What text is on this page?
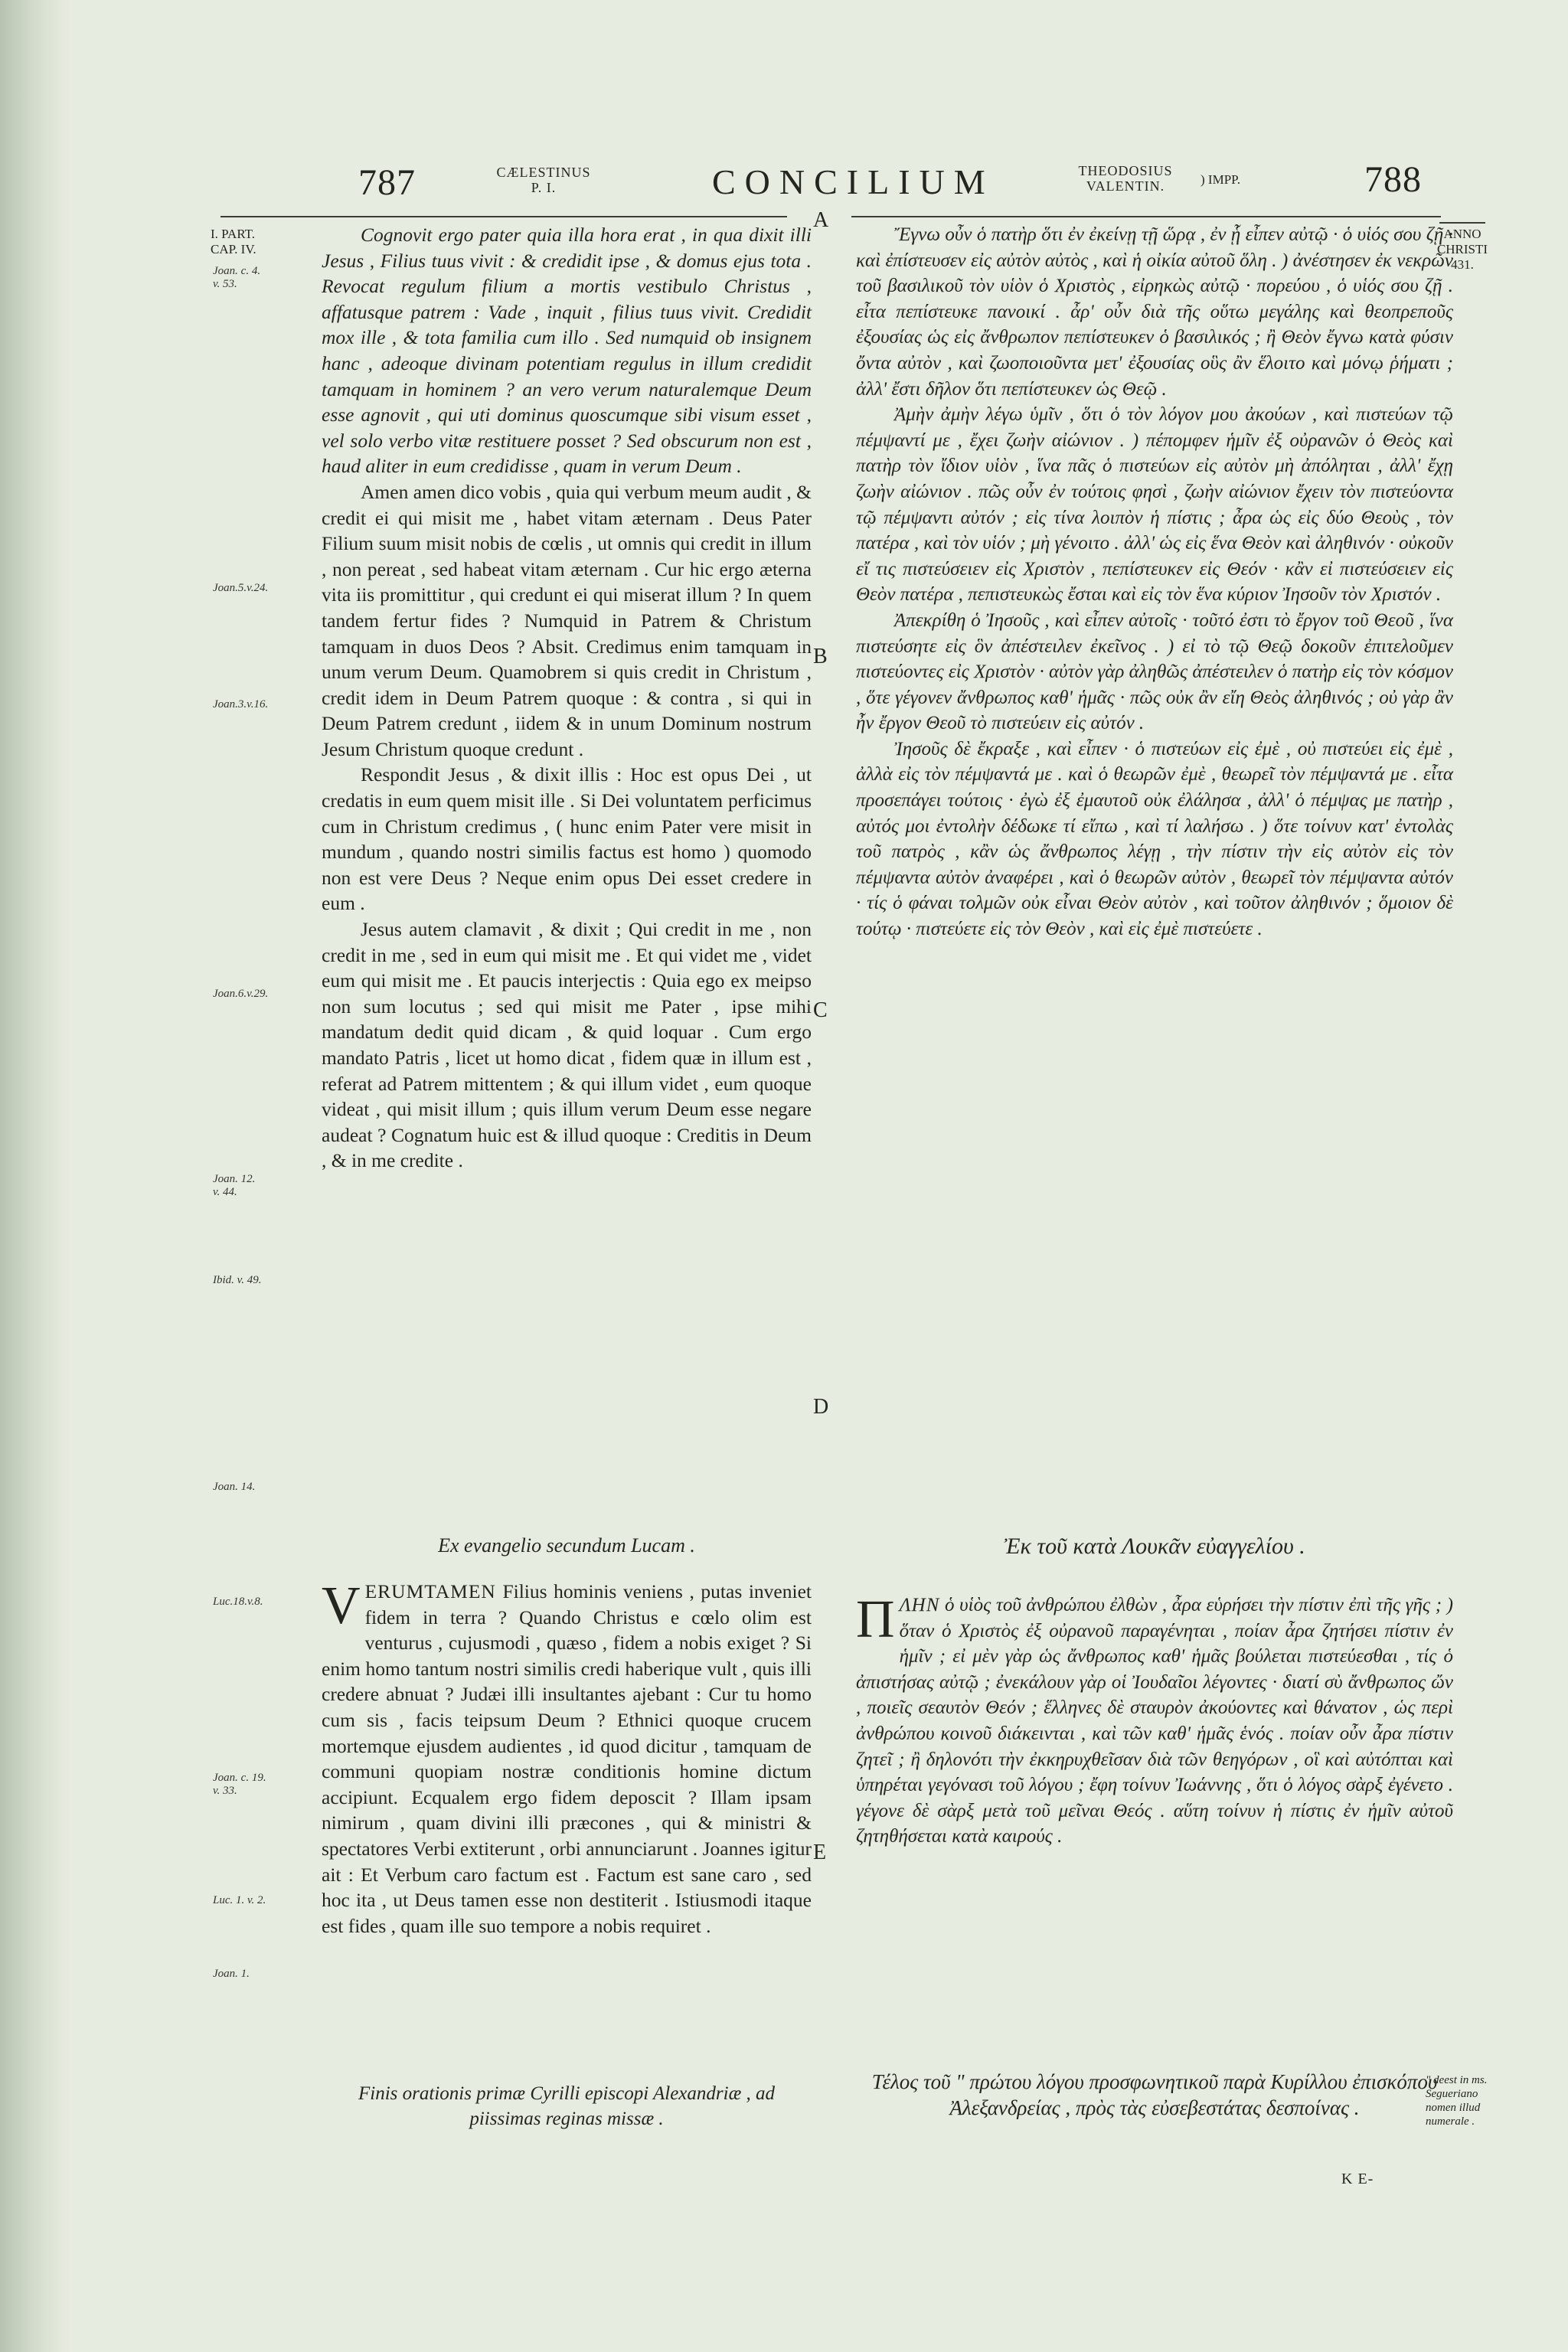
787	CÆLESTINUS
P. I.	CONCILIUM	THEODOSIUS
VALENTIN.	) IMPP.	788
I. PART.
CAP. IV.
ANNO
CHRISTI
431.
Joan. c. 4.
v. 53.
Joan.5.v.24.
Joan.3.v.16.
Joan.6.v.29.
Joan. 12.
v. 44.
Ibid. v. 49.
Joan. 14.
Luc.18.v.8.
Joan. c. 19.
v. 33.
Luc. 1. v. 2.
Joan. 1.
A
B
C
D
E

Cognovit ergo pater quia illa hora erat , in qua dixit illi Jesus , Filius tuus vivit : & credidit ipse , & domus ejus tota . Revocat regulum filium a mortis vestibulo Christus , affatusque patrem : Vade , inquit , filius tuus vivit. Credidit mox ille , & tota familia cum illo . Sed numquid ob insignem hanc , adeoque divinam potentiam regulus in illum credidit tamquam in hominem ? an vero verum naturalemque Deum esse agnovit , qui uti dominus quoscumque sibi visum esset , vel solo verbo vitæ restituere posset ? Sed obscurum non est , haud aliter in eum credidisse , quam in verum Deum .

Amen amen dico vobis , quia qui verbum meum audit , & credit ei qui misit me , habet vitam æternam . Deus Pater Filium suum misit nobis de cœlis , ut omnis qui credit in illum , non pereat , sed habeat vitam æternam . Cur hic ergo æterna vita iis promittitur , qui credunt ei qui miserat illum ? In quem tandem fertur fides ? Numquid in Patrem & Christum tamquam in duos Deos ? Absit. Credimus enim tamquam in unum verum Deum. Quamobrem si quis credit in Christum , credit idem in Deum Patrem quoque : & contra , si qui in Deum Patrem credunt , iidem & in unum Dominum nostrum Jesum Christum quoque credunt .

Respondit Jesus , & dixit illis : Hoc est opus Dei , ut credatis in eum quem misit ille . Si Dei voluntatem perficimus cum in Christum credimus , ( hunc enim Pater vere misit in mundum , quando nostri similis factus est homo ) quomodo non est vere Deus ? Neque enim opus Dei esset credere in eum .

Jesus autem clamavit , & dixit ; Qui credit in me , non credit in me , sed in eum qui misit me . Et qui videt me , videt eum qui misit me . Et paucis interjectis : Quia ego ex meipso non sum locutus ; sed qui misit me Pater , ipse mihi mandatum dedit quid dicam , & quid loquar . Cum ergo mandato Patris , licet ut homo dicat , fidem quæ in illum est , referat ad Patrem mittentem ; & qui illum videt , eum quoque videat , qui misit illum ; quis illum verum Deum esse negare audeat ? Cognatum huic est & illud quoque : Creditis in Deum , & in me credite .

Ex evangelio secundum Lucam .

VERUMTAMEN Filius hominis veniens , putas inveniet fidem in terra ? Quando Christus e cœlo olim est venturus , cujusmodi , quæso , fidem a nobis exiget ? Si enim homo tantum nostri similis credi haberique vult , quis illi credere abnuat ? Judæi illi insultantes ajebant : Cur tu homo cum sis , facis teipsum Deum ? Ethnici quoque crucem mortemque ejusdem audientes , id quod dicitur , tamquam de communi quopiam nostræ conditionis homine dictum accipiunt. Ecqualem ergo fidem deposcit ? Illam ipsam nimirum , quam divini illi præcones , qui & ministri & spectatores Verbi extiterunt , orbi annunciarunt . Joannes igitur ait : Et Verbum caro factum est . Factum est sane caro , sed hoc ita , ut Deus tamen esse non destiterit . Istiusmodi itaque est fides , quam ille suo tempore a nobis requiret .

Finis orationis primæ Cyrilli episcopi Alexandriæ , ad piissimas reginas missæ .

Ἔγνω οὖν ὁ πατὴρ ὅτι ἐν ἐκείνῃ τῇ ὥρᾳ , ἐν ᾗ εἶπεν αὐτῷ · ὁ υἱός σου ζῇ · καὶ ἐπίστευσεν εἰς αὐτὸν αὐτὸς , καὶ ἡ οἰκία αὐτοῦ ὅλη . ) ἀνέστησεν ἐκ νεκρῶν τοῦ βασιλικοῦ τὸν υἱὸν ὁ Χριστὸς , εἰρηκὼς αὐτῷ · πορεύου , ὁ υἱός σου ζῇ . εἶτα πεπίστευκε πανοικί . ἆρ' οὖν διὰ τῆς οὕτω μεγάλης καὶ θεοπρεποῦς ἐξουσίας ὡς εἰς ἄνθρωπον πεπίστευκεν ὁ βασιλικός ; ἢ Θεὸν ἔγνω κατὰ φύσιν ὄντα αὐτὸν , καὶ ζωοποιοῦντα μετ' ἐξουσίας οὓς ἂν ἕλοιτο καὶ μόνῳ ῥήματι ; ἀλλ' ἔστι δῆλον ὅτι πεπίστευκεν ὡς Θεῷ .

Ἀμὴν ἀμὴν λέγω ὑμῖν , ὅτι ὁ τὸν λόγον μου ἀκούων , καὶ πιστεύων τῷ πέμψαντί με , ἔχει ζωὴν αἰώνιον . ) πέπομφεν ἡμῖν ἐξ οὐρανῶν ὁ Θεὸς καὶ πατὴρ τὸν ἴδιον υἱὸν , ἵνα πᾶς ὁ πιστεύων εἰς αὐτὸν μὴ ἀπόληται , ἀλλ' ἔχῃ ζωὴν αἰώνιον . πῶς οὖν ἐν τούτοις φησὶ , ζωὴν αἰώνιον ἔχειν τὸν πιστεύοντα τῷ πέμψαντι αὐτόν ; εἰς τίνα λοιπὸν ἡ πίστις ; ἆρα ὡς εἰς δύο Θεοὺς , τὸν πατέρα , καὶ τὸν υἱόν ; μὴ γένοιτο . ἀλλ' ὡς εἰς ἕνα Θεὸν καὶ ἀληθινόν · οὐκοῦν εἴ τις πιστεύσειεν εἰς Χριστὸν , πεπίστευκεν εἰς Θεόν · κἂν εἰ πιστεύσειεν εἰς Θεὸν πατέρα , πεπιστευκὼς ἔσται καὶ εἰς τὸν ἕνα κύριον Ἰησοῦν τὸν Χριστόν .

Ἀπεκρίθη ὁ Ἰησοῦς , καὶ εἶπεν αὐτοῖς · τοῦτό ἐστι τὸ ἔργον τοῦ Θεοῦ , ἵνα πιστεύσητε εἰς ὃν ἀπέστειλεν ἐκεῖνος . ) εἰ τὸ τῷ Θεῷ δοκοῦν ἐπιτελοῦμεν πιστεύοντες εἰς Χριστὸν · αὐτὸν γὰρ ἀληθῶς ἀπέστειλεν ὁ πατὴρ εἰς τὸν κόσμον , ὅτε γέγονεν ἄνθρωπος καθ' ἡμᾶς · πῶς οὐκ ἂν εἴη Θεὸς ἀληθινός ; οὐ γὰρ ἂν ἦν ἔργον Θεοῦ τὸ πιστεύειν εἰς αὐτόν .

Ἰησοῦς δὲ ἔκραξε , καὶ εἶπεν · ὁ πιστεύων εἰς ἐμὲ , οὐ πιστεύει εἰς ἐμὲ , ἀλλὰ εἰς τὸν πέμψαντά με . καὶ ὁ θεωρῶν ἐμὲ , θεωρεῖ τὸν πέμψαντά με . εἶτα προσεπάγει τούτοις · ἐγὼ ἐξ ἐμαυτοῦ οὐκ ἐλάλησα , ἀλλ' ὁ πέμψας με πατὴρ , αὐτός μοι ἐντολὴν δέδωκε τί εἴπω , καὶ τί λαλήσω . ) ὅτε τοίνυν κατ' ἐντολὰς τοῦ πατρὸς , κἂν ὡς ἄνθρωπος λέγῃ , τὴν πίστιν τὴν εἰς αὐτὸν εἰς τὸν πέμψαντα αὐτὸν ἀναφέρει , καὶ ὁ θεωρῶν αὐτὸν , θεωρεῖ τὸν πέμψαντα αὐτόν · τίς ὁ φάναι τολμῶν οὐκ εἶναι Θεὸν αὐτὸν , καὶ τοῦτον ἀληθινόν ; ὅμοιον δὲ τούτῳ · πιστεύετε εἰς τὸν Θεὸν , καὶ εἰς ἐμὲ πιστεύετε .

Ἐκ τοῦ κατὰ Λουκᾶν εὐαγγελίου .

ΠΛΗΝ ὁ υἱὸς τοῦ ἀνθρώπου ἐλθὼν , ἆρα εὑρήσει τὴν πίστιν ἐπὶ τῆς γῆς ; ) ὅταν ὁ Χριστὸς ἐξ οὐρανοῦ παραγένηται , ποίαν ἆρα ζητήσει πίστιν ἐν ἡμῖν ; εἰ μὲν γὰρ ὡς ἄνθρωπος καθ' ἡμᾶς βούλεται πιστεύεσθαι , τίς ὁ ἀπιστήσας αὐτῷ ; ἐνεκάλουν γὰρ οἱ Ἰουδαῖοι λέγοντες · διατί σὺ ἄνθρωπος ὤν , ποιεῖς σεαυτὸν Θεόν ; ἕλληνες δὲ σταυρὸν ἀκούοντες καὶ θάνατον , ὡς περὶ ἀνθρώπου κοινοῦ διάκεινται , καὶ τῶν καθ' ἡμᾶς ἑνός . ποίαν οὖν ἆρα πίστιν ζητεῖ ; ἢ δηλονότι τὴν ἐκκηρυχθεῖσαν διὰ τῶν θεηγόρων , οἳ καὶ αὐτόπται καὶ ὑπηρέται γεγόνασι τοῦ λόγου ; ἔφη τοίνυν Ἰωάννης , ὅτι ὁ λόγος σὰρξ ἐγένετο . γέγονε δὲ σὰρξ μετὰ τοῦ μεῖναι Θεός . αὕτη τοίνυν ἡ πίστις ἐν ἡμῖν αὐτοῦ ζητηθήσεται κατὰ καιρούς .

Τέλος τοῦ " πρώτου λόγου προσφωνητικοῦ παρὰ Κυρίλλου ἐπισκόπου Ἀλεξανδρείας , πρὸς τὰς εὐσεβεστάτας δεσποίνας .
" deest in ms. Segueriano nomen illud numerale .
K E-
